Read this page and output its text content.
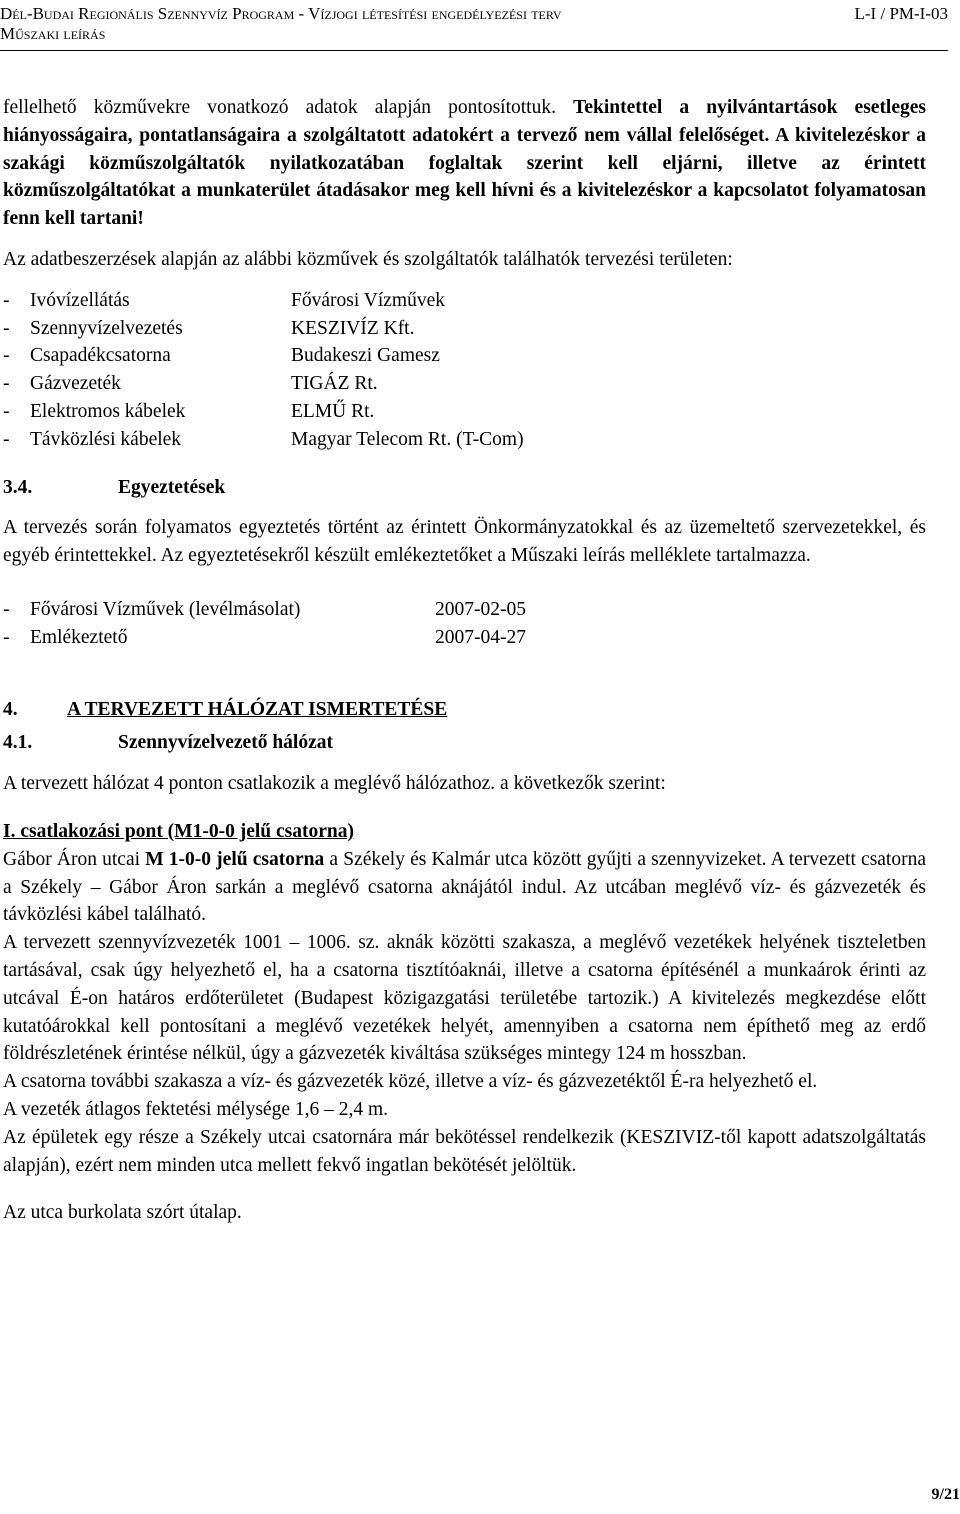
Dél-Budai Regionális Szennyvíz Program - Vízjogi létesítési engedélyezési terv	L-I / PM-I-03
Műszaki leírás

fellelhető közművekre vonatkozó adatok alapján pontosítottuk. Tekintettel a nyilvántartások esetleges hiányosságaira, pontatlanságaira a szolgáltatott adatokért a tervező nem vállal felelőséget. A kivitelezéskor a szakági közműszolgáltatók nyilatkozatában foglaltak szerint kell eljárni, illetve az érintett közműszolgáltatókat a munkaterület átadásakor meg kell hívni és a kivitelezéskor a kapcsolatot folyamatosan fenn kell tartani!

Az adatbeszerzések alapján az alábbi közművek és szolgáltatók találhatók tervezési területen:

-	Ivóvízellátás	Fővárosi Vízművek
-	Szennyvízelvezetés	KESZIVÍZ Kft.
-	Csapadékcsatorna	Budakeszi Gamesz
-	Gázvezeték	TIGÁZ Rt.
-	Elektromos kábelek	ELMŰ Rt.
-	Távközlési kábelek	Magyar Telecom Rt. (T-Com)
3.4.	Egyeztetések

A tervezés során folyamatos egyeztetés történt az érintett Önkormányzatokkal és az üzemeltető szervezetekkel, és egyéb érintettekkel. Az egyeztetésekről készült emlékeztetőket a Műszaki leírás melléklete tartalmazza.

-	Fővárosi Vízművek (levélmásolat)	2007-02-05
-	Emlékeztető	2007-04-27
4.	A TERVEZETT HÁLÓZAT ISMERTETÉSE
4.1.	Szennyvízelvezető hálózat

A tervezett hálózat 4 ponton csatlakozik a meglévő hálózathoz. a következők szerint:

I. csatlakozási pont (M1-0-0 jelű csatorna)

Gábor Áron utcai M 1-0-0 jelű csatorna a Székely és Kalmár utca között gyűjti a szennyvizeket. A tervezett csatorna a Székely – Gábor Áron sarkán a meglévő csatorna aknájától indul. Az utcában meglévő víz- és gázvezeték és távközlési kábel található.

A tervezett szennyvízvezeték 1001 – 1006. sz. aknák közötti szakasza, a meglévő vezetékek helyének tiszteletben tartásával, csak úgy helyezhető el, ha a csatorna tisztítóaknái, illetve a csatorna építésénél a munkaárok érinti az utcával É-on határos erdőterületet (Budapest közigazgatási területébe tartozik.) A kivitelezés megkezdése előtt kutatóárokkal kell pontosítani a meglévő vezetékek helyét, amennyiben a csatorna nem építhető meg az erdő földrészletének érintése nélkül, úgy a gázvezeték kiváltása szükséges mintegy 124 m hosszban.

A csatorna további szakasza a víz- és gázvezeték közé, illetve a víz- és gázvezetéktől É-ra helyezhető el.

A vezeték átlagos fektetési mélysége 1,6 – 2,4 m.

Az épületek egy része a Székely utcai csatornára már bekötéssel rendelkezik (KESZIVIZ-től kapott adatszolgáltatás alapján), ezért nem minden utca mellett fekvő ingatlan bekötését jelöltük.

Az utca burkolata szórt útalap.

9/21
